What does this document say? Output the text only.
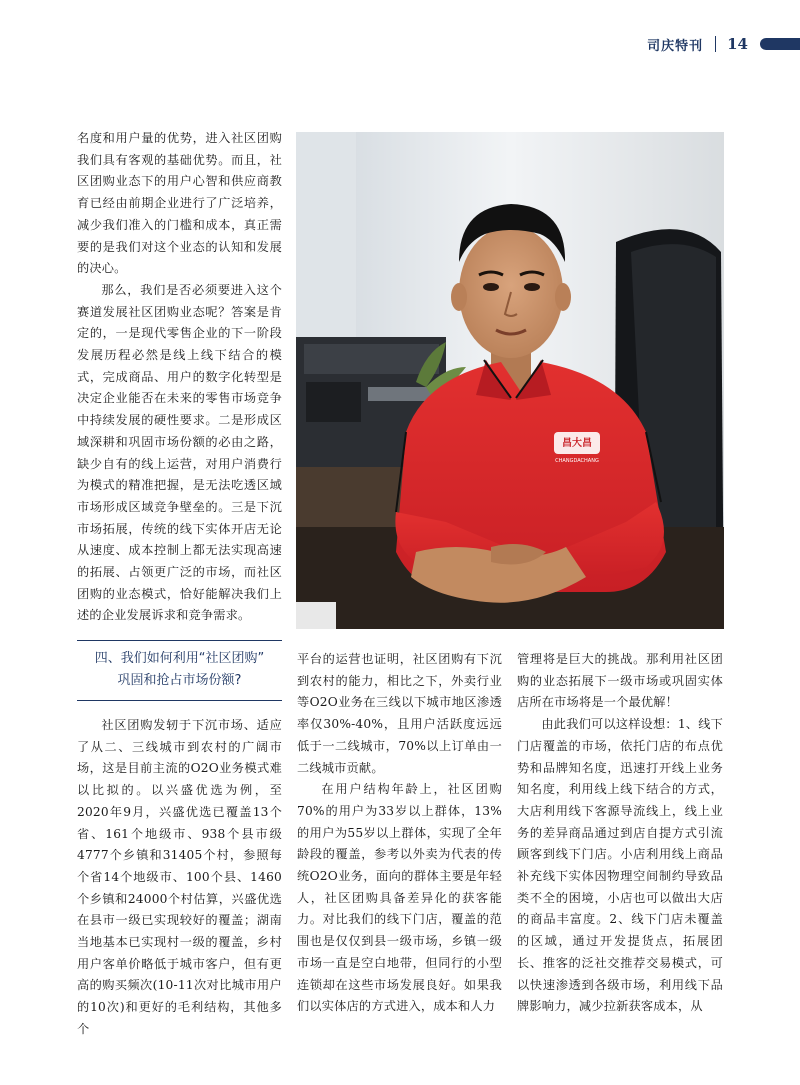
司庆特刊 14

名度和用户量的优势，进入社区团购我们具有客观的基础优势。而且，社区团购业态下的用户心智和供应商教育已经由前期企业进行了广泛培养，减少我们准入的门槛和成本，真正需要的是我们对这个业态的认知和发展的决心。

那么，我们是否必须要进入这个赛道发展社区团购业态呢？答案是肯定的，一是现代零售企业的下一阶段发展历程必然是线上线下结合的模式，完成商品、用户的数字化转型是决定企业能否在未来的零售市场竞争中持续发展的硬性要求。二是形成区域深耕和巩固市场份额的必由之路，缺少自有的线上运营，对用户消费行为模式的精准把握，是无法吃透区域市场形成区域竞争壁垒的。三是下沉市场拓展，传统的线下实体开店无论从速度、成本控制上都无法实现高速的拓展、占领更广泛的市场，而社区团购的业态模式，恰好能解决我们上述的企业发展诉求和竞争需求。

昌大昌
CHANGDACHANG
四、我们如何利用“社区团购”
巩固和抢占市场份额?

社区团购发轫于下沉市场、适应了从二、三线城市到农村的广阔市场，这是目前主流的O2O业务模式难以比拟的。以兴盛优选为例，至2020年9月，兴盛优选已覆盖13个省、161个地级市、938个县市级4777个乡镇和31405个村，参照每个省14个地级市、100个县、1460个乡镇和24000个村估算，兴盛优选在县市一级已实现较好的覆盖；湖南当地基本已实现村一级的覆盖，乡村用户客单价略低于城市客户，但有更高的购买频次(10-11次对比城市用户的10次)和更好的毛利结构，其他多个

平台的运营也证明，社区团购有下沉到农村的能力，相比之下，外卖行业等O2O业务在三线以下城市地区渗透率仅30%-40%，且用户活跃度远远低于一二线城市，70%以上订单由一二线城市贡献。

在用户结构年龄上，社区团购70%的用户为33岁以上群体，13%的用户为55岁以上群体，实现了全年龄段的覆盖，参考以外卖为代表的传统O2O业务，面向的群体主要是年轻人，社区团购具备差异化的获客能力。对比我们的线下门店，覆盖的范围也是仅仅到县一级市场，乡镇一级市场一直是空白地带，但同行的小型连锁却在这些市场发展良好。如果我们以实体店的方式进入，成本和人力

管理将是巨大的挑战。那利用社区团购的业态拓展下一级市场或巩固实体店所在市场将是一个最优解！

由此我们可以这样设想：1、线下门店覆盖的市场，依托门店的布点优势和品牌知名度，迅速打开线上业务知名度，利用线上线下结合的方式，大店利用线下客源导流线上，线上业务的差异商品通过到店自提方式引流顾客到线下门店。小店利用线上商品补充线下实体因物理空间制约导致品类不全的困境，小店也可以做出大店的商品丰富度。2、线下门店未覆盖的区域，通过开发提货点，拓展团长、推客的泛社交推荐交易模式，可以快速渗透到各级市场，利用线下品牌影响力，减少拉新获客成本，从
